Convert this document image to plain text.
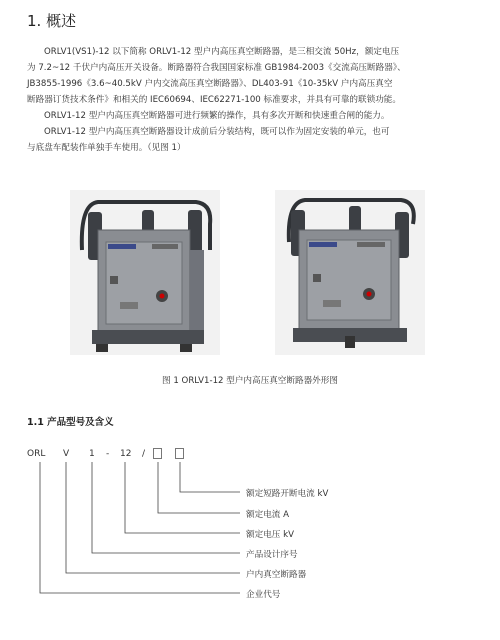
1. 概述
ORLV1(VS1)-12 以下简称 ORLV1-12 型户内高压真空断路器，是三相交流 50Hz，额定电压
为 7.2~12 千伏户内高压开关设备。断路器符合我国国家标准 GB1984-2003《交流高压断路器》、
JB3855-1996《3.6~40.5kV 户内交流高压真空断路器》、DL403-91《10-35kV 户内高压真空
断路器订货技术条件》和相关的 IEC60694、IEC62271-100 标准要求，并具有可靠的联锁功能。
ORLV1-12 型户内高压真空断路器可进行频繁的操作，具有多次开断和快速重合闸的能力。
ORLV1-12 型户内高压真空断路器设计成前后分装结构，既可以作为固定安装的单元，也可
与底盘车配装作单独手车使用。（见图 1）
图 1 ORLV1-12 型户内高压真空断路器外形图
1.1 产品型号及含义
ORL V 1 - 12 /
额定短路开断电流 kV
额定电流 A
额定电压 kV
产品设计序号
户内真空断路器
企业代号
